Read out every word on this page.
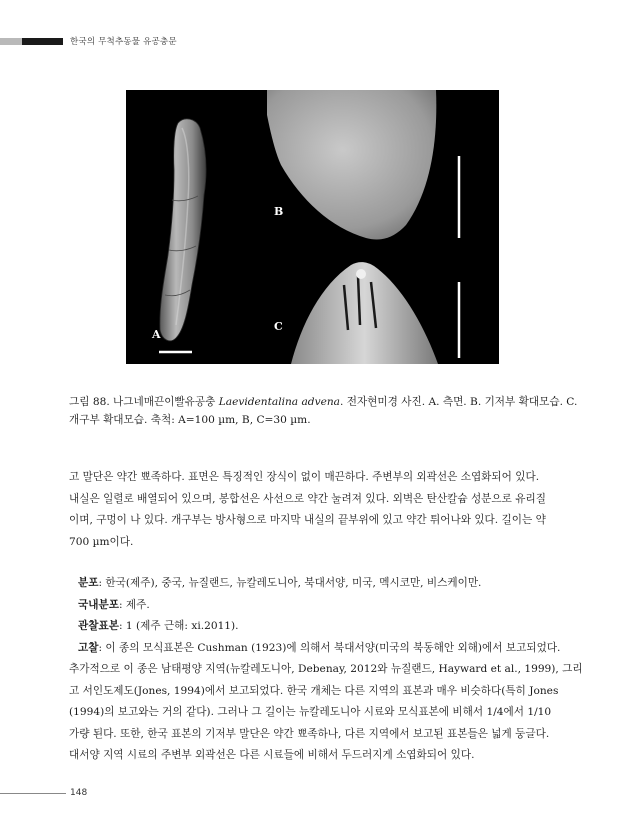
한국의 무척추동물 유공충문
A
B
C
그림 88. 나그네매끈이빨유공충 Laevidentalina advena. 전자현미경 사진. A. 측면. B. 기저부 확대모습. C.
개구부 확대모습. 축척: A=100 µm, B, C=30 µm.
고 말단은 약간 뾰족하다. 표면은 특징적인 장식이 없이 매끈하다. 주변부의 외곽선은 소엽화되어 있다.
내실은 일렬로 배열되어 있으며, 봉합선은 사선으로 약간 눌려져 있다. 외벽은 탄산칼슘 성분으로 유리질
이며, 구멍이 나 있다. 개구부는 방사형으로 마지막 내실의 끝부위에 있고 약간 튀어나와 있다. 길이는 약
700 µm이다.
분포: 한국(제주), 중국, 뉴질랜드, 뉴칼레도니아, 북대서양, 미국, 멕시코만, 비스케이만.
국내분포: 제주.
관찰표본: 1 (제주 근해: xi.2011).
고찰: 이 종의 모식표본은 Cushman (1923)에 의해서 북대서양(미국의 북동해안 외해)에서 보고되었다.
추가적으로 이 종은 남태평양 지역(뉴칼레도니아, Debenay, 2012와 뉴질랜드, Hayward et al., 1999), 그리
고 서인도제도(Jones, 1994)에서 보고되었다. 한국 개체는 다른 지역의 표본과 매우 비슷하다(특히 Jones
(1994)의 보고와는 거의 같다). 그러나 그 길이는 뉴칼레도니아 시료와 모식표본에 비해서 1/4에서 1/10
가량 된다. 또한, 한국 표본의 기저부 말단은 약간 뾰족하나, 다른 지역에서 보고된 표본들은 넓게 둥글다.
대서양 지역 시료의 주변부 외곽선은 다른 시료들에 비해서 두드러지게 소엽화되어 있다.
148
